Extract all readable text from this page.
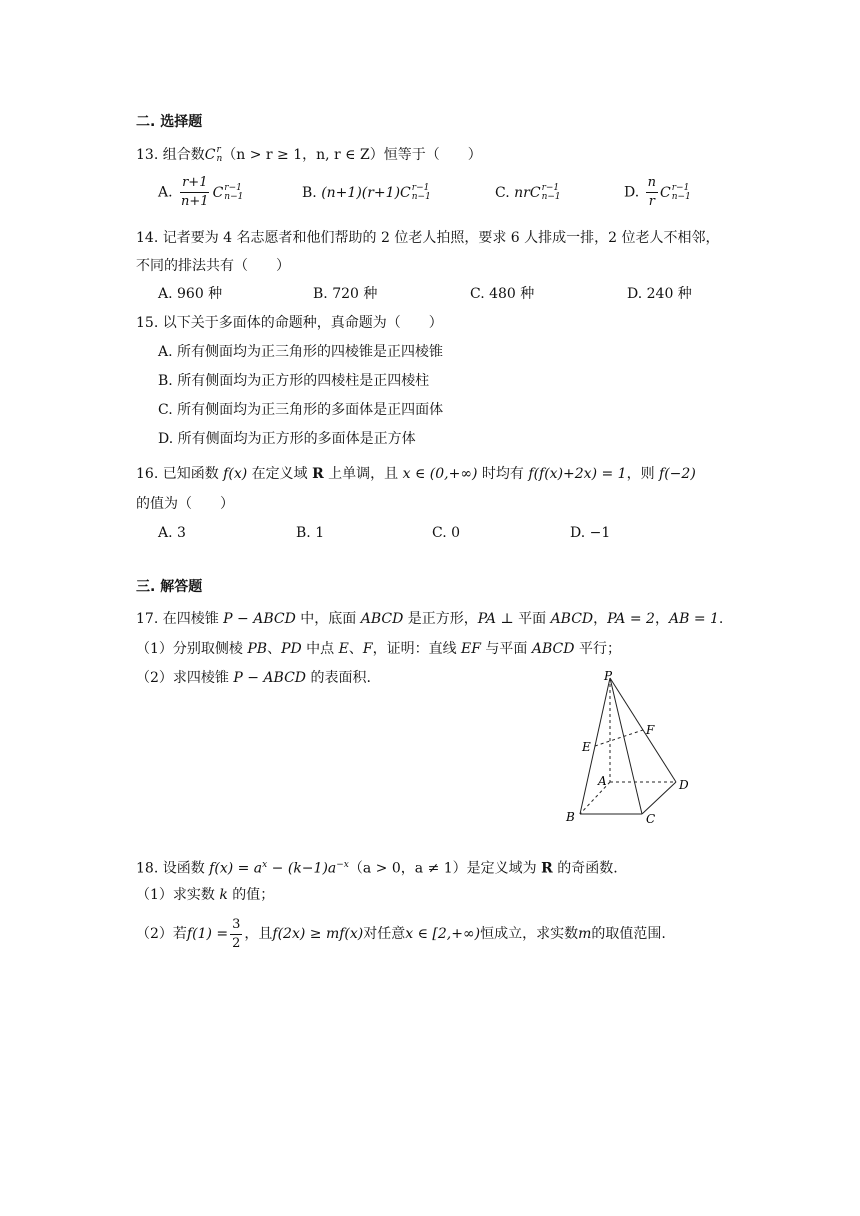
二. 选择题
13. 组合数 C r
n （n > r ≥ 1，n, r ∈ Z）恒等于（　　）
A. $\frac{r+1}{n+1}$ C r−1
n−1	B. (n+1)(r+1) C r−1
n−1	C. nr C r−1
n−1	D. $\frac{n}{r}$ C r−1
n−1
14. 记者要为 4 名志愿者和他们帮助的 2 位老人拍照，要求 6 人排成一排，2 位老人不相邻，
不同的排法共有（　　）
A. 960 种	B. 720 种	C. 480 种	D. 240 种
15. 以下关于多面体的命题种，真命题为（　　）
A. 所有侧面均为正三角形的四棱锥是正四棱锥
B. 所有侧面均为正方形的四棱柱是正四棱柱
C. 所有侧面均为正三角形的多面体是正四面体
D. 所有侧面均为正方形的多面体是正方体
16. 已知函数 f(x) 在定义域 R 上单调，且 x ∈ (0,+∞) 时均有 f(f(x)+2x) = 1，则 f(−2)
的值为（　　）
A. 3	B. 1	C. 0	D. −1
三. 解答题
17. 在四棱锥 P − ABCD 中，底面 ABCD 是正方形，PA ⊥ 平面 ABCD，PA = 2，AB = 1.
（1）分别取侧棱 PB、PD 中点 E、F，证明：直线 EF 与平面 ABCD 平行；
（2）求四棱锥 P − ABCD 的表面积.	P
E
F
A
B	C
D
18. 设函数 $f(x) = a^x - (k-1)a^{-x}(a > 0$，a ≠ 1）是定义域为 R 的奇函数.
（1）求实数 k 的值；
（2）若 $f(1) = \frac{3}{2}$ ，且 f(2x) ≥ mf(x) 对任意 x ∈ [2,+∞) 恒成立，求实数 m 的取值范围.
